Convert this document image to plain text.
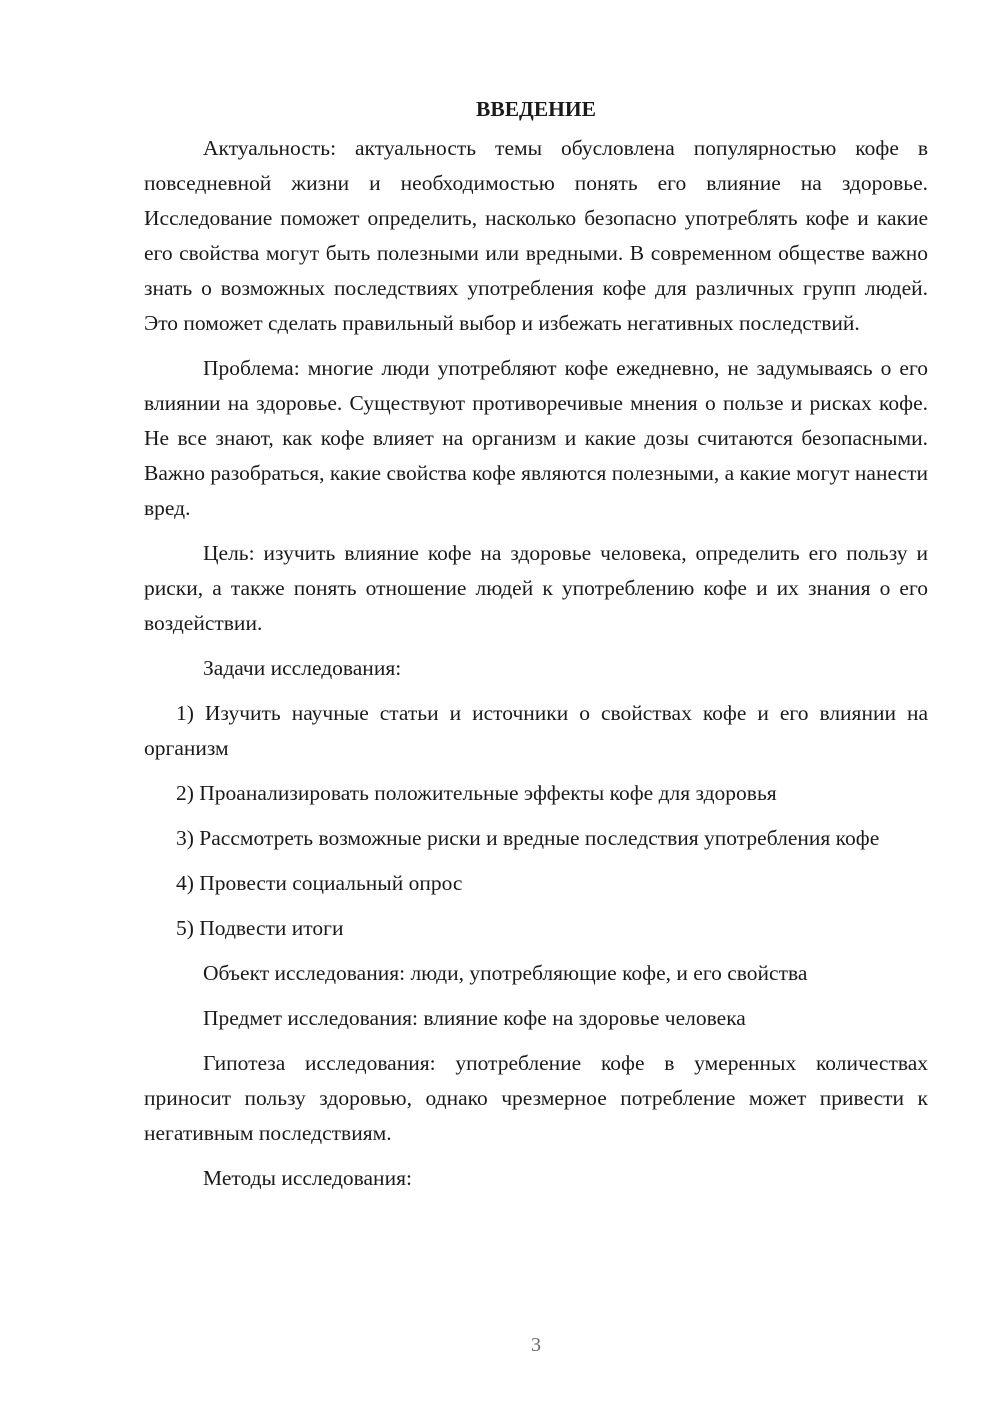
ВВЕДЕНИЕ

Актуальность: актуальность темы обусловлена популярностью кофе в повседневной жизни и необходимостью понять его влияние на здоровье. Исследование поможет определить, насколько безопасно употреблять кофе и какие его свойства могут быть полезными или вредными. В современном обществе важно знать о возможных последствиях употребления кофе для различных групп людей. Это поможет сделать правильный выбор и избежать негативных последствий.

Проблема: многие люди употребляют кофе ежедневно, не задумываясь о его влиянии на здоровье. Существуют противоречивые мнения о пользе и рисках кофе. Не все знают, как кофе влияет на организм и какие дозы считаются безопасными. Важно разобраться, какие свойства кофе являются полезными, а какие могут нанести вред.

Цель: изучить влияние кофе на здоровье человека, определить его пользу и риски, а также понять отношение людей к употреблению кофе и их знания о его воздействии.

Задачи исследования:

1) Изучить научные статьи и источники о свойствах кофе и его влиянии на организм

2) Проанализировать положительные эффекты кофе для здоровья

3) Рассмотреть возможные риски и вредные последствия употребления кофе

4) Провести социальный опрос

5) Подвести итоги

Объект исследования: люди, употребляющие кофе, и его свойства

Предмет исследования: влияние кофе на здоровье человека

Гипотеза исследования: употребление кофе в умеренных количествах приносит пользу здоровью, однако чрезмерное потребление может привести к негативным последствиям.

Методы исследования:

3
